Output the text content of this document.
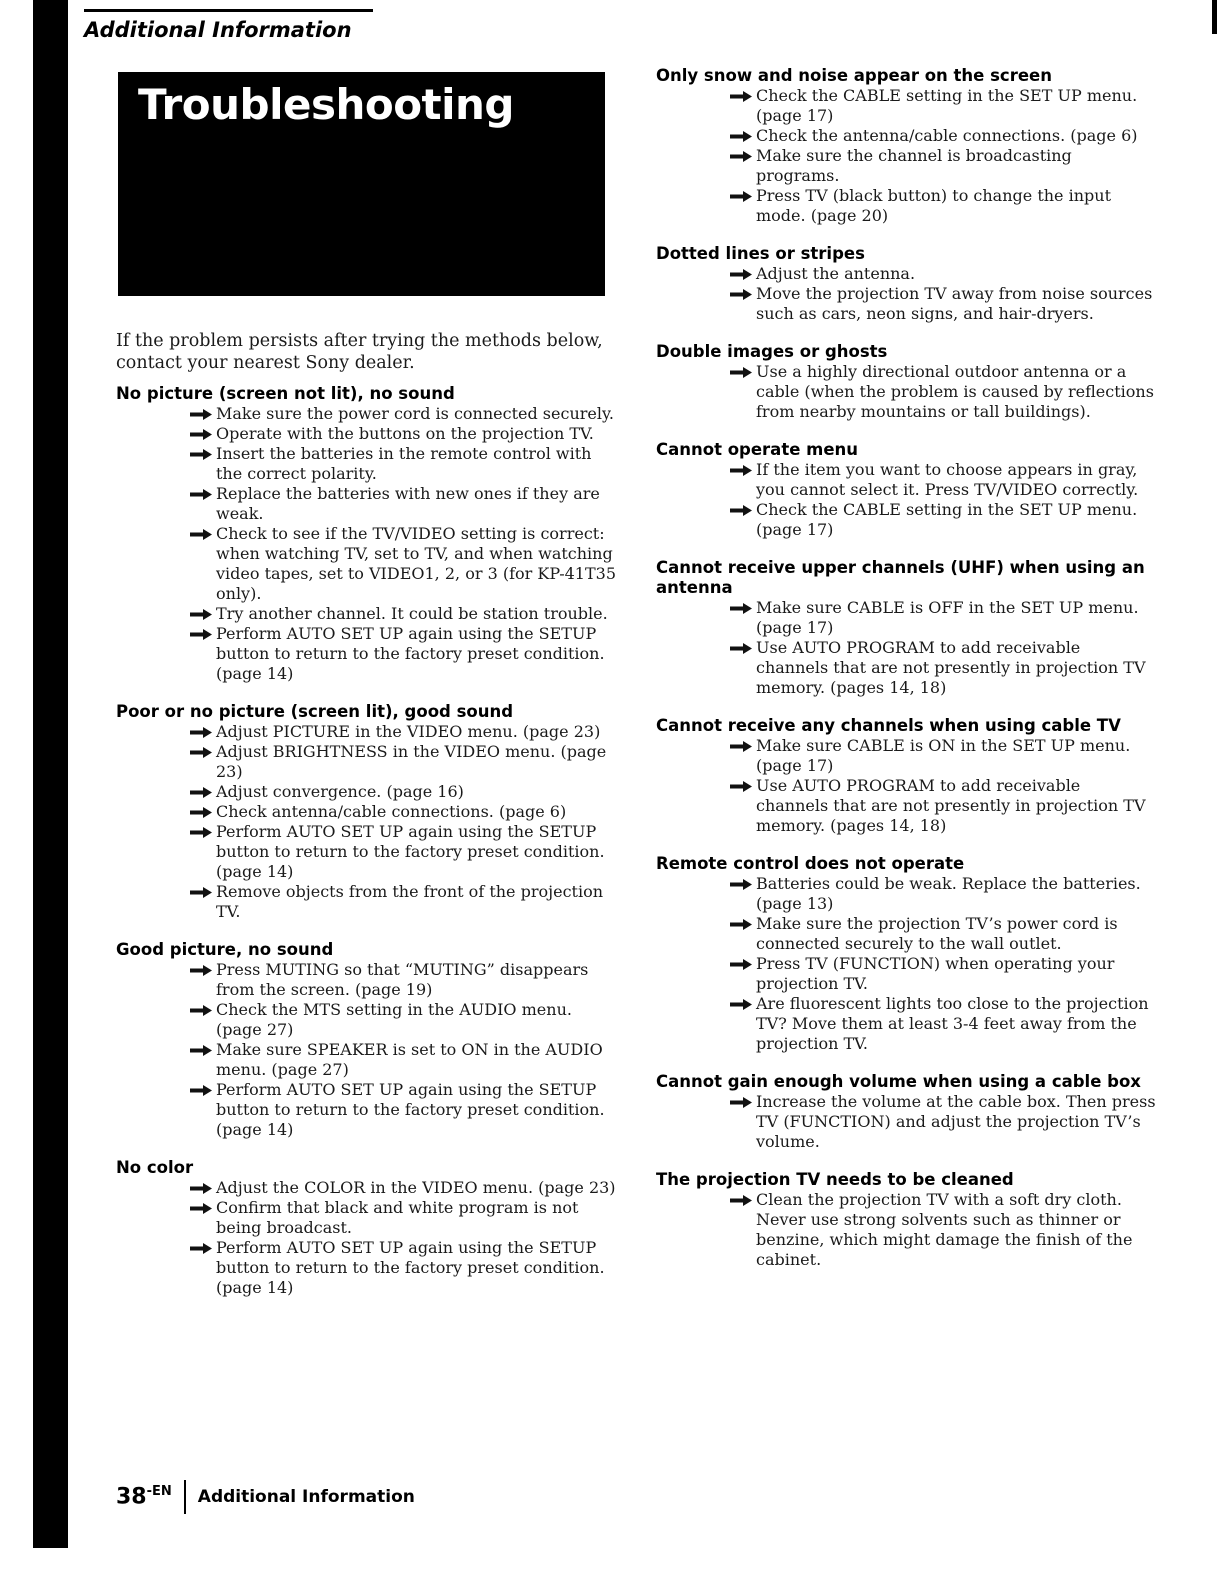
Additional Information
Troubleshooting

If the problem persists after trying the methods below, contact your nearest Sony dealer.

No picture (screen not lit), no sound
Make sure the power cord is connected securely.
Operate with the buttons on the projection TV.
Insert the batteries in the remote control with the correct polarity.
Replace the batteries with new ones if they are weak.
Check to see if the TV/VIDEO setting is correct: when watching TV, set to TV, and when watching video tapes, set to VIDEO1, 2, or 3 (for KP-41T35 only).
Try another channel. It could be station trouble.
Perform AUTO SET UP again using the SETUP button to return to the factory preset condition. (page 14)
Poor or no picture (screen lit), good sound
Adjust PICTURE in the VIDEO menu. (page 23)
Adjust BRIGHTNESS in the VIDEO menu. (page 23)
Adjust convergence. (page 16)
Check antenna/cable connections. (page 6)
Perform AUTO SET UP again using the SETUP button to return to the factory preset condition. (page 14)
Remove objects from the front of the projection TV.
Good picture, no sound
Press MUTING so that “MUTING” disappears from the screen. (page 19)
Check the MTS setting in the AUDIO menu. (page 27)
Make sure SPEAKER is set to ON in the AUDIO menu. (page 27)
Perform AUTO SET UP again using the SETUP button to return to the factory preset condition. (page 14)
No color
Adjust the COLOR in the VIDEO menu. (page 23)
Confirm that black and white program is not being broadcast.
Perform AUTO SET UP again using the SETUP button to return to the factory preset condition. (page 14)
Only snow and noise appear on the screen
Check the CABLE setting in the SET UP menu. (page 17)
Check the antenna/cable connections. (page 6)
Make sure the channel is broadcasting programs.
Press TV (black button) to change the input mode. (page 20)
Dotted lines or stripes
Adjust the antenna.
Move the projection TV away from noise sources such as cars, neon signs, and hair-dryers.
Double images or ghosts
Use a highly directional outdoor antenna or a cable (when the problem is caused by reflections from nearby mountains or tall buildings).
Cannot operate menu
If the item you want to choose appears in gray, you cannot select it. Press TV/VIDEO correctly.
Check the CABLE setting in the SET UP menu. (page 17)
Cannot receive upper channels (UHF) when using an antenna
Make sure CABLE is OFF in the SET UP menu. (page 17)
Use AUTO PROGRAM to add receivable channels that are not presently in projection TV memory. (pages 14, 18)
Cannot receive any channels when using cable TV
Make sure CABLE is ON in the SET UP menu. (page 17)
Use AUTO PROGRAM to add receivable channels that are not presently in projection TV memory. (pages 14, 18)
Remote control does not operate
Batteries could be weak. Replace the batteries. (page 13)
Make sure the projection TV’s power cord is connected securely to the wall outlet.
Press TV (FUNCTION) when operating your projection TV.
Are fluorescent lights too close to the projection TV? Move them at least 3-4 feet away from the projection TV.
Cannot gain enough volume when using a cable box
Increase the volume at the cable box. Then press TV (FUNCTION) and adjust the projection TV’s volume.
The projection TV needs to be cleaned
Clean the projection TV with a soft dry cloth. Never use strong solvents such as thinner or benzine, which might damage the finish of the cabinet.
$38^{-EN}$ Additional Information
